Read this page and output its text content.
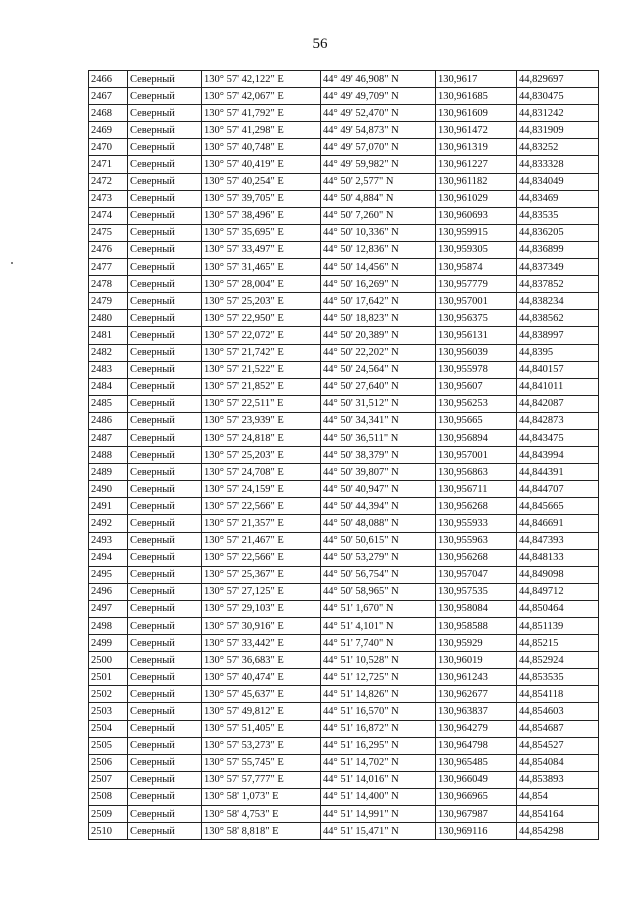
56
2466	Северный	130° 57' 42,122" E	44° 49' 46,908" N	130,9617	44,829697
2467	Северный	130° 57' 42,067" E	44° 49' 49,709" N	130,961685	44,830475
2468	Северный	130° 57' 41,792" E	44° 49' 52,470" N	130,961609	44,831242
2469	Северный	130° 57' 41,298" E	44° 49' 54,873" N	130,961472	44,831909
2470	Северный	130° 57' 40,748" E	44° 49' 57,070" N	130,961319	44,83252
2471	Северный	130° 57' 40,419" E	44° 49' 59,982" N	130,961227	44,833328
2472	Северный	130° 57' 40,254" E	44° 50' 2,577" N	130,961182	44,834049
2473	Северный	130° 57' 39,705" E	44° 50' 4,884" N	130,961029	44,83469
2474	Северный	130° 57' 38,496" E	44° 50' 7,260" N	130,960693	44,83535
2475	Северный	130° 57' 35,695" E	44° 50' 10,336" N	130,959915	44,836205
2476	Северный	130° 57' 33,497" E	44° 50' 12,836" N	130,959305	44,836899
2477	Северный	130° 57' 31,465" E	44° 50' 14,456" N	130,95874	44,837349
2478	Северный	130° 57' 28,004" E	44° 50' 16,269" N	130,957779	44,837852
2479	Северный	130° 57' 25,203" E	44° 50' 17,642" N	130,957001	44,838234
2480	Северный	130° 57' 22,950" E	44° 50' 18,823" N	130,956375	44,838562
2481	Северный	130° 57' 22,072" E	44° 50' 20,389" N	130,956131	44,838997
2482	Северный	130° 57' 21,742" E	44° 50' 22,202" N	130,956039	44,8395
2483	Северный	130° 57' 21,522" E	44° 50' 24,564" N	130,955978	44,840157
2484	Северный	130° 57' 21,852" E	44° 50' 27,640" N	130,95607	44,841011
2485	Северный	130° 57' 22,511" E	44° 50' 31,512" N	130,956253	44,842087
2486	Северный	130° 57' 23,939" E	44° 50' 34,341" N	130,95665	44,842873
2487	Северный	130° 57' 24,818" E	44° 50' 36,511" N	130,956894	44,843475
2488	Северный	130° 57' 25,203" E	44° 50' 38,379" N	130,957001	44,843994
2489	Северный	130° 57' 24,708" E	44° 50' 39,807" N	130,956863	44,844391
2490	Северный	130° 57' 24,159" E	44° 50' 40,947" N	130,956711	44,844707
2491	Северный	130° 57' 22,566" E	44° 50' 44,394" N	130,956268	44,845665
2492	Северный	130° 57' 21,357" E	44° 50' 48,088" N	130,955933	44,846691
2493	Северный	130° 57' 21,467" E	44° 50' 50,615" N	130,955963	44,847393
2494	Северный	130° 57' 22,566" E	44° 50' 53,279" N	130,956268	44,848133
2495	Северный	130° 57' 25,367" E	44° 50' 56,754" N	130,957047	44,849098
2496	Северный	130° 57' 27,125" E	44° 50' 58,965" N	130,957535	44,849712
2497	Северный	130° 57' 29,103" E	44° 51' 1,670" N	130,958084	44,850464
2498	Северный	130° 57' 30,916" E	44° 51' 4,101" N	130,958588	44,851139
2499	Северный	130° 57' 33,442" E	44° 51' 7,740" N	130,95929	44,85215
2500	Северный	130° 57' 36,683" E	44° 51' 10,528" N	130,96019	44,852924
2501	Северный	130° 57' 40,474" E	44° 51' 12,725" N	130,961243	44,853535
2502	Северный	130° 57' 45,637" E	44° 51' 14,826" N	130,962677	44,854118
2503	Северный	130° 57' 49,812" E	44° 51' 16,570" N	130,963837	44,854603
2504	Северный	130° 57' 51,405" E	44° 51' 16,872" N	130,964279	44,854687
2505	Северный	130° 57' 53,273" E	44° 51' 16,295" N	130,964798	44,854527
2506	Северный	130° 57' 55,745" E	44° 51' 14,702" N	130,965485	44,854084
2507	Северный	130° 57' 57,777" E	44° 51' 14,016" N	130,966049	44,853893
2508	Северный	130° 58' 1,073" E	44° 51' 14,400" N	130,966965	44,854
2509	Северный	130° 58' 4,753" E	44° 51' 14,991" N	130,967987	44,854164
2510	Северный	130° 58' 8,818" E	44° 51' 15,471" N	130,969116	44,854298
